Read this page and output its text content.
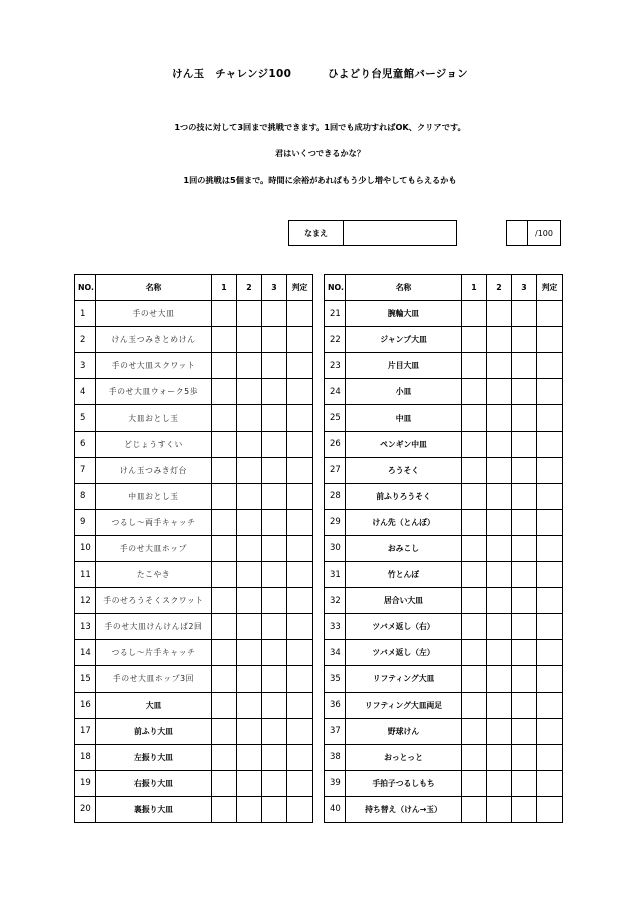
けん玉　チャレンジ100	ひよどり台児童館バージョン
1つの技に対して3回まで挑戦できます。1回でも成功すればOK、クリアです。
君はいくつできるかな？
1回の挑戦は5個まで。時間に余裕があればもう少し増やしてもらえるかも
なまえ	
		/100
NO.	名称	1	2	3	判定
1	手のせ大皿				
2	けん玉つみきとめけん				
3	手のせ大皿スクワット				
4	手のせ大皿ウォーク5歩				
5	大皿おとし玉				
6	どじょうすくい				
7	けん玉つみき灯台				
8	中皿おとし玉				
9	つるし〜両手キャッチ				
10	手のせ大皿ホップ				
11	たこやき				
12	手のせろうそくスクワット				
13	手のせ大皿けんけんぱ2回				
14	つるし〜片手キャッチ				
15	手のせ大皿ホップ3回				
16	大皿				
17	前ふり大皿				
18	左振り大皿				
19	右振り大皿				
20	裏振り大皿				
NO.	名称	1	2	3	判定
21	腕輪大皿				
22	ジャンプ大皿				
23	片目大皿				
24	小皿				
25	中皿				
26	ペンギン中皿				
27	ろうそく				
28	前ふりろうそく				
29	けん先（とんぼ）				
30	おみこし				
31	竹とんぼ				
32	居合い大皿				
33	ツバメ返し（右）				
34	ツバメ返し（左）				
35	リフティング大皿				
36	リフティング大皿両足				
37	野球けん				
38	おっとっと				
39	手拍子つるしもち				
40	持ち替え（けん→玉）				
